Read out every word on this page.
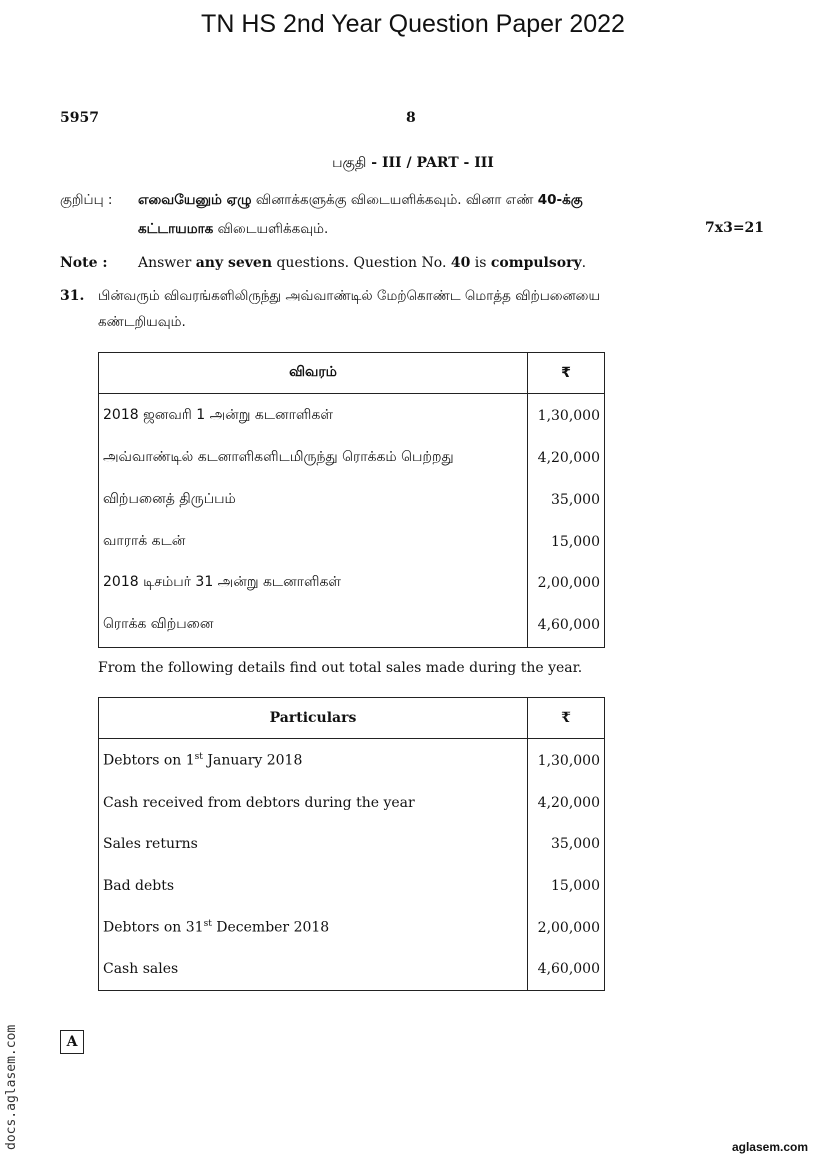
TN HS 2nd Year Question Paper 2022
5957	8
பகுதி - III / PART - III
குறிப்பு : எவையேனும் ஏழு வினாக்களுக்கு விடையளிக்கவும். வினா எண் 40-க்கு
கட்டாயமாக விடையளிக்கவும்.	7x3=21
Note : Answer any seven questions. Question No. 40 is compulsory.
31. பின்வரும் விவரங்களிலிருந்து அவ்வாண்டில் மேற்கொண்ட மொத்த விற்பனையை
கண்டறியவும்.
விவரம்	₹
2018 ஜனவரி 1 அன்று கடனாளிகள்	1,30,000
அவ்வாண்டில் கடனாளிகளிடமிருந்து ரொக்கம் பெற்றது	4,20,000
விற்பனைத் திருப்பம்	35,000
வாராக் கடன்	15,000
2018 டிசம்பர் 31 அன்று கடனாளிகள்	2,00,000
ரொக்க விற்பனை	4,60,000
From the following details find out total sales made during the year.
Particulars	₹
Debtors on 1st January 2018	1,30,000
Cash received from debtors during the year	4,20,000
Sales returns	35,000
Bad debts	15,000
Debtors on 31st December 2018	2,00,000
Cash sales	4,60,000
A
docs.aglasem.com	aglasem.com
